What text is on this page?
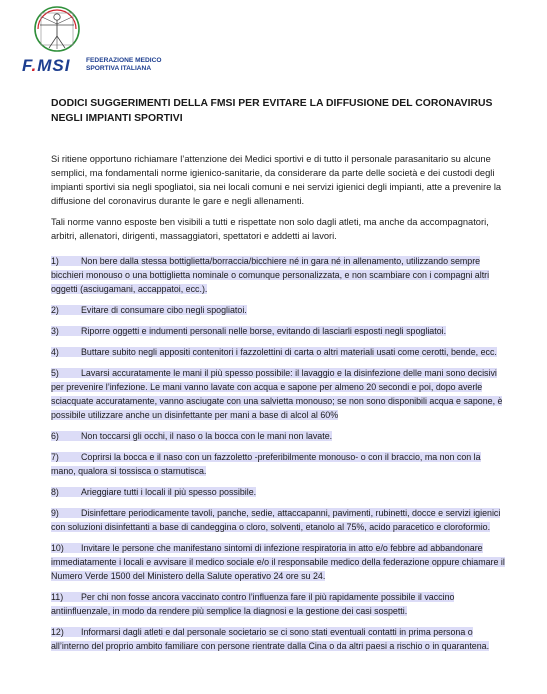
F.MSI FEDERAZIONE MEDICO
SPORTIVA ITALIANA
DODICI SUGGERIMENTI DELLA FMSI PER EVITARE LA DIFFUSIONE DEL CORONAVIRUS NEGLI IMPIANTI SPORTIVI
Si ritiene opportuno richiamare l’attenzione dei Medici sportivi e di tutto il personale parasanitario su alcune semplici, ma fondamentali norme igienico-sanitarie, da considerare da parte delle società e dei custodi degli impianti sportivi sia negli spogliatoi, sia nei locali comuni e nei servizi igienici degli impianti, atte a prevenire la diffusione del coronavirus durante le gare e negli allenamenti.
Tali norme vanno esposte ben visibili a tutti e rispettate non solo dagli atleti, ma anche da accompagnatori, arbitri, allenatori, dirigenti, massaggiatori, spettatori e addetti ai lavori.
1) Non bere dalla stessa bottiglietta/borraccia/bicchiere né in gara né in allenamento, utilizzando sempre bicchieri monouso o una bottiglietta nominale o comunque personalizzata, e non scambiare con i compagni altri oggetti (asciugamani, accappatoi, ecc.).
2) Evitare di consumare cibo negli spogliatoi.
3) Riporre oggetti e indumenti personali nelle borse, evitando di lasciarli esposti negli spogliatoi.
4) Buttare subito negli appositi contenitori i fazzolettini di carta o altri materiali usati come cerotti, bende, ecc.
5) Lavarsi accuratamente le mani il più spesso possibile: il lavaggio e la disinfezione delle mani sono decisivi per prevenire l’infezione. Le mani vanno lavate con acqua e sapone per almeno 20 secondi e poi, dopo averle sciacquate accuratamente, vanno asciugate con una salvietta monouso; se non sono disponibili acqua e sapone, è possibile utilizzare anche un disinfettante per mani a base di alcol al 60%
6) Non toccarsi gli occhi, il naso o la bocca con le mani non lavate.
7) Coprirsi la bocca e il naso con un fazzoletto -preferibilmente monouso- o con il braccio, ma non con la mano, qualora si tossisca o starnutisca.
8) Arieggiare tutti i locali il più spesso possibile.
9) Disinfettare periodicamente tavoli, panche, sedie, attaccapanni, pavimenti, rubinetti, docce e servizi igienici con soluzioni disinfettanti a base di candeggina o cloro, solventi, etanolo al 75%, acido paracetico e cloroformio.
10) Invitare le persone che manifestano sintomi di infezione respiratoria in atto e/o febbre ad abbandonare immediatamente i locali e avvisare il medico sociale e/o il responsabile medico della federazione oppure chiamare il Numero Verde 1500 del Ministero della Salute operativo 24 ore su 24.
11) Per chi non fosse ancora vaccinato contro l’influenza fare il più rapidamente possibile il vaccino antiinfluenzale, in modo da rendere più semplice la diagnosi e la gestione dei casi sospetti.
12) Informarsi dagli atleti e dal personale societario se ci sono stati eventuali contatti in prima persona o all’interno del proprio ambito familiare con persone rientrate dalla Cina o da altri paesi a rischio o in quarantena.
